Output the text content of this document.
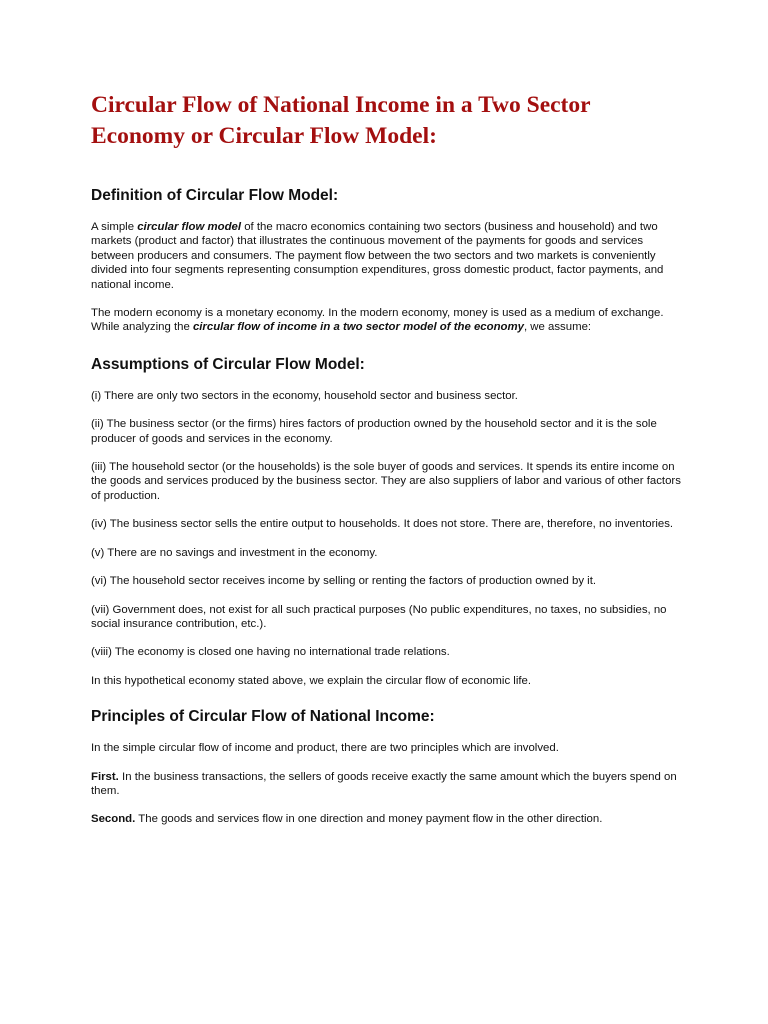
Circular Flow of National Income in a Two Sector Economy or Circular Flow Model:
Definition of Circular Flow Model:

A simple circular flow model of the macro economics containing two sectors (business and household) and two markets (product and factor) that illustrates the continuous movement of the payments for goods and services between producers and consumers. The payment flow between the two sectors and two markets is conveniently divided into four segments representing consumption expenditures, gross domestic product, factor payments, and national income.

The modern economy is a monetary economy. In the modern economy, money is used as a medium of exchange. While analyzing the circular flow of income in a two sector model of the economy, we assume:

Assumptions of Circular Flow Model:

(i) There are only two sectors in the economy, household sector and business sector.

(ii) The business sector (or the firms) hires factors of production owned by the household sector and it is the sole producer of goods and services in the economy.

(iii) The household sector (or the households) is the sole buyer of goods and services. It spends its entire income on the goods and services produced by the business sector. They are also suppliers of labor and various of other factors of production.

(iv) The business sector sells the entire output to households. It does not store. There are, therefore, no inventories.

(v) There are no savings and investment in the economy.

(vi) The household sector receives income by selling or renting the factors of production owned by it.

(vii) Government does, not exist for all such practical purposes (No public expenditures, no taxes, no subsidies, no social insurance contribution, etc.).

(viii) The economy is closed one having no international trade relations.

In this hypothetical economy stated above, we explain the circular flow of economic life.

Principles of Circular Flow of National Income:

In the simple circular flow of income and product, there are two principles which are involved.

First. In the business transactions, the sellers of goods receive exactly the same amount which the buyers spend on them.

Second. The goods and services flow in one direction and money payment flow in the other direction.
